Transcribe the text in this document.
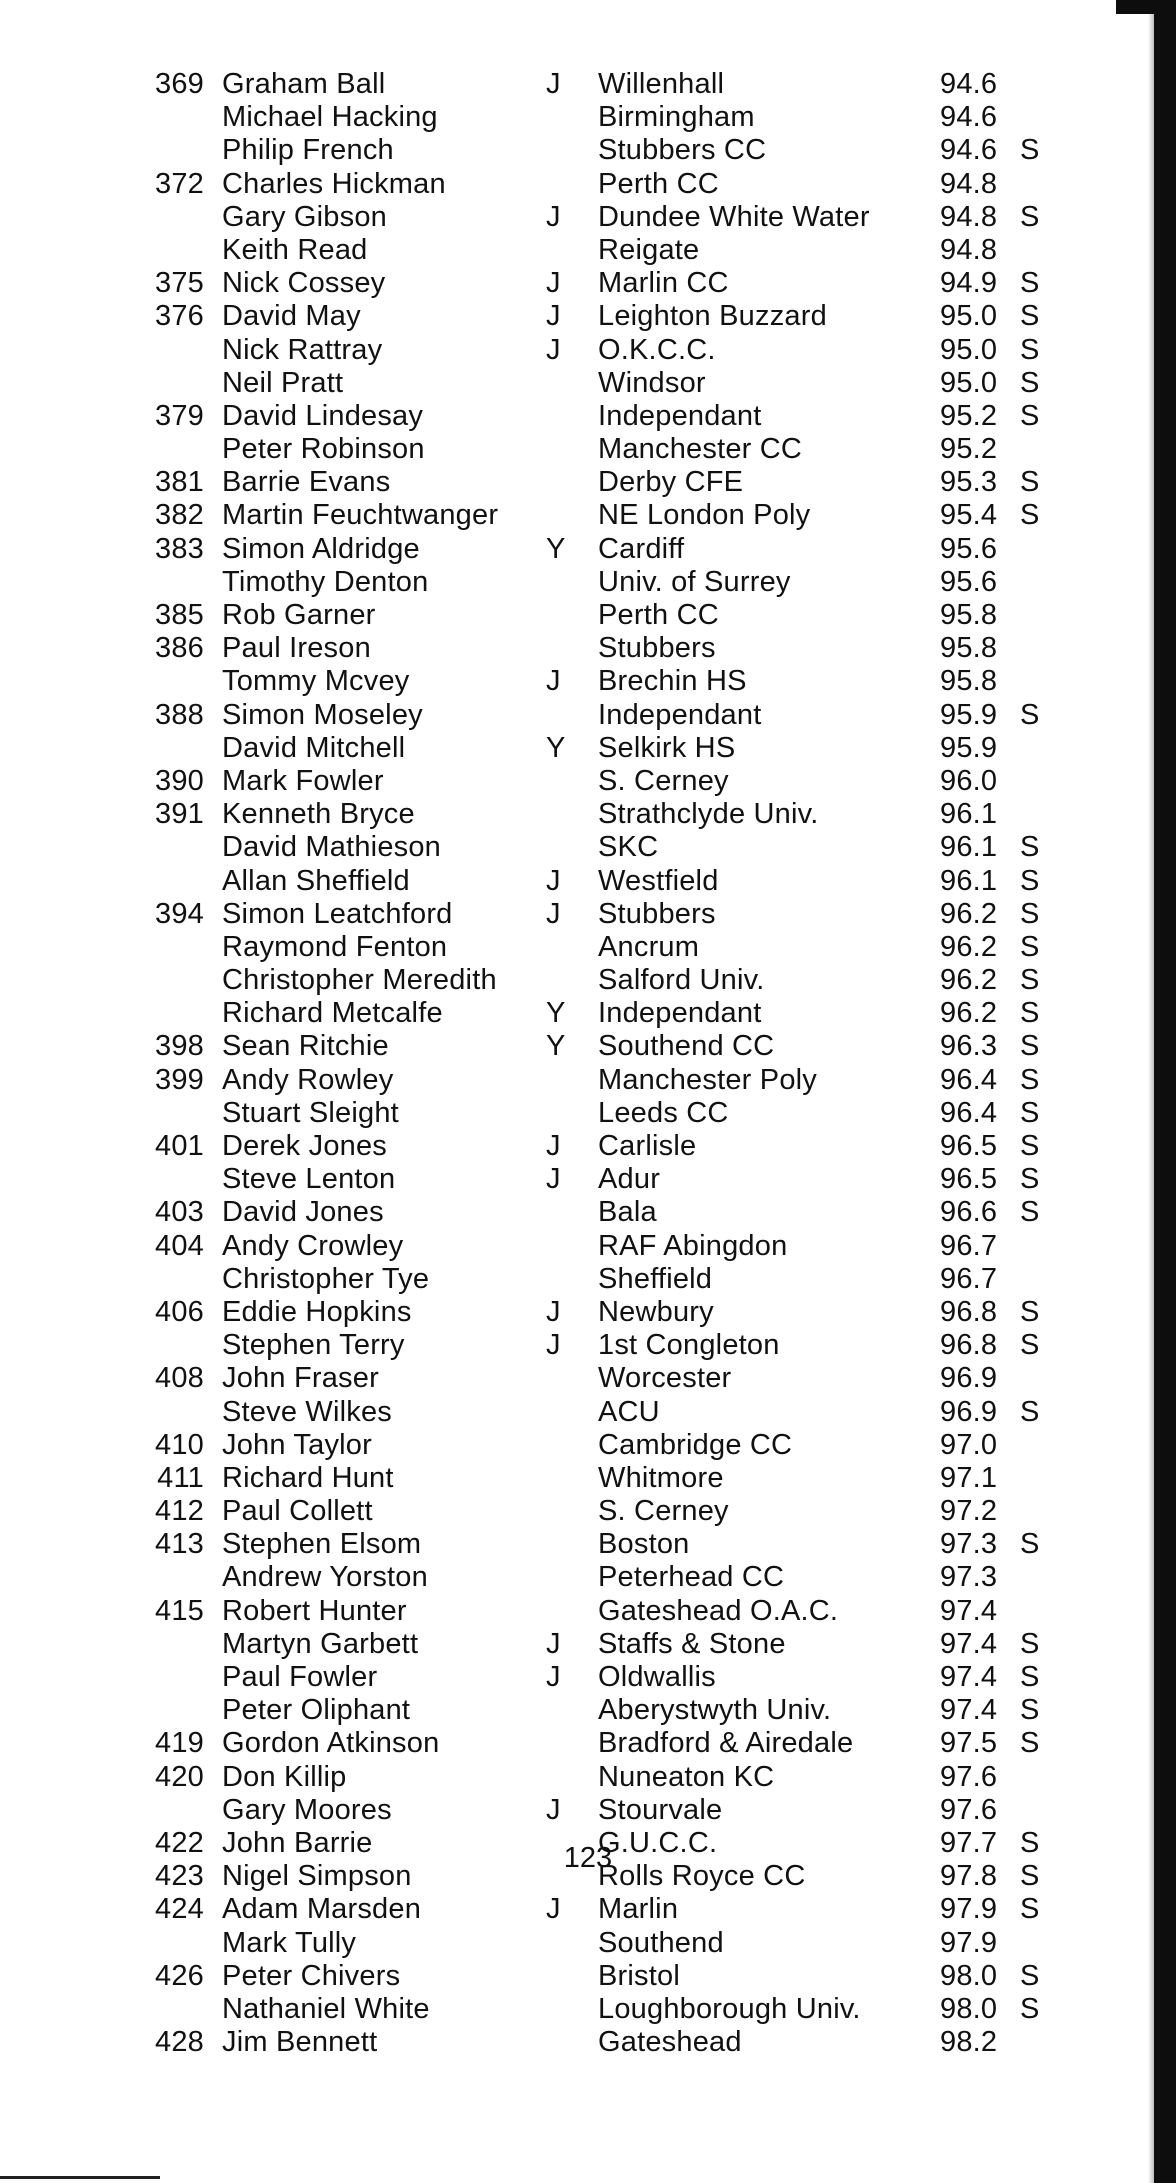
369 Graham Ball	J Willenhall	94.6
Michael Hacking	Birmingham	94.6
Philip French	Stubbers CC	94.6 S
372 Charles Hickman	Perth CC	94.8
Gary Gibson	J Dundee White Water 94.8 S
Keith Read	Reigate	94.8
375 Nick Cossey	J Marlin CC	94.9 S
376 David May	J Leighton Buzzard	95.0 S
Nick Rattray	J O.K.C.C.	95.0 S
Neil Pratt	Windsor	95.0 S
379 David Lindesay	Independant	95.2 S
Peter Robinson	Manchester CC	95.2
381 Barrie Evans	Derby CFE	95.3 S
382 Martin Feuchtwanger	NE London Poly	95.4 S
383 Simon Aldridge	Y Cardiff	95.6
Timothy Denton	Univ. of Surrey	95.6
385 Rob Garner	Perth CC	95.8
386 Paul Ireson	Stubbers	95.8
Tommy Mcvey	J Brechin HS	95.8
388 Simon Moseley	Independant	95.9 S
David Mitchell	Y Selkirk HS	95.9
390 Mark Fowler	S. Cerney	96.0
391 Kenneth Bryce	Strathclyde Univ.	96.1
David Mathieson	SKC	96.1 S
Allan Sheffield	J Westfield	96.1 S
394 Simon Leatchford	J Stubbers	96.2 S
Raymond Fenton	Ancrum	96.2 S
Christopher Meredith	Salford Univ.	96.2 S
Richard Metcalfe	Y Independant	96.2 S
398 Sean Ritchie	Y Southend CC	96.3 S
399 Andy Rowley	Manchester Poly	96.4 S
Stuart Sleight	Leeds CC	96.4 S
401 Derek Jones	J Carlisle	96.5 S
Steve Lenton	J Adur	96.5 S
403 David Jones	Bala	96.6 S
404 Andy Crowley	RAF Abingdon	96.7
Christopher Tye	Sheffield	96.7
406 Eddie Hopkins	J Newbury	96.8 S
Stephen Terry	J 1st Congleton	96.8 S
408 John Fraser	Worcester	96.9
Steve Wilkes	ACU	96.9 S
410 John Taylor	Cambridge CC	97.0
411 Richard Hunt	Whitmore	97.1
412 Paul Collett	S. Cerney	97.2
413 Stephen Elsom	Boston	97.3 S
Andrew Yorston	Peterhead CC	97.3
415 Robert Hunter	Gateshead O.A.C.	97.4
Martyn Garbett	J Staffs & Stone	97.4 S
Paul Fowler	J Oldwallis	97.4 S
Peter Oliphant	Aberystwyth Univ.	97.4 S
419 Gordon Atkinson	Bradford & Airedale	97.5 S
420 Don Killip	Nuneaton KC	97.6
Gary Moores	J Stourvale	97.6
422 John Barrie	G.U.C.C.	97.7 S
423 Nigel Simpson	Rolls Royce CC	97.8 S
424 Adam Marsden	J Marlin	97.9 S
Mark Tully	Southend	97.9
426 Peter Chivers	Bristol	98.0 S
Nathaniel White	Loughborough Univ.	98.0 S
428 Jim Bennett	Gateshead	98.2
123
